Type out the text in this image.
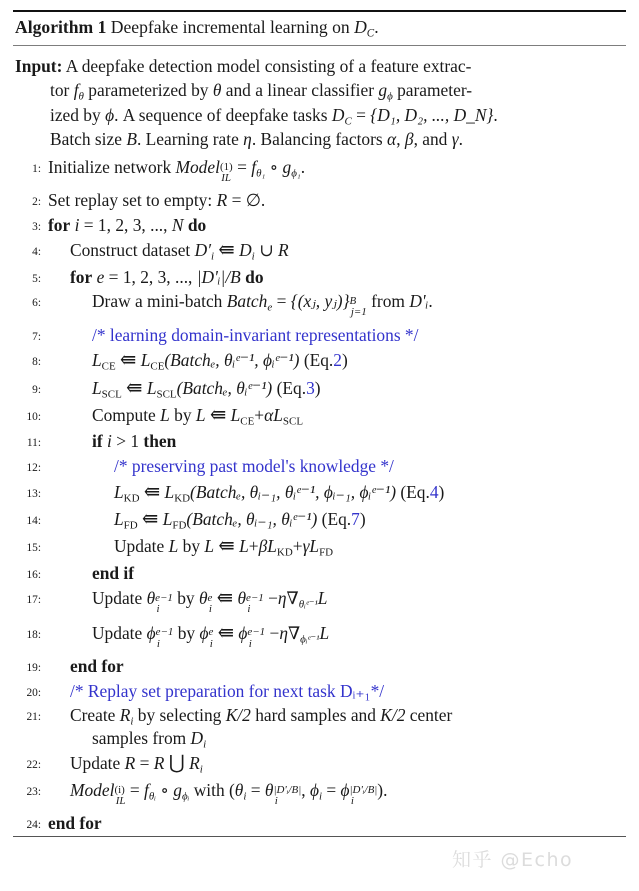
Algorithm 1 Deepfake incremental learning on $D_C$.
Input: A deepfake detection model consisting of a feature extrac-
tor $f_\theta$ parameterized by θ and a linear classifier $g_\phi$ parameter-
ized by ϕ. A sequence of deepfake tasks $D_C = \{D_1$, D₂, ..., D_N}.
Batch size B. Learning rate η. Balancing factors α, β, and γ.
1: Initialize network Model (1)
IL
= $f_{\theta_1}$ ∘ $g_{\phi_1}$.
2: Set replay set to empty: R = ∅.
3: for i = 1, 2, 3, ..., N do
4:	Construct dataset $D'_i$ ⇚ $D_i$ ∪ R
5:	for e = 1, 2, 3, ..., |D'ᵢ|/B do
6:	Draw a mini-batch Batch$_e$ = {(xⱼ, yⱼ)} B
j=1
from D'ᵢ.
7:	/* learning domain-invariant representations */
8:	$L_{CE}$ ⇚ $L_{CE}(Batch_e$, θᵢᵉ⁻¹, ϕᵢᵉ⁻¹) (Eq.2)
9:	$L_{SCL}$ ⇚ $L_{SCL}(Batch_e$, θᵢᵉ⁻¹) (Eq.3)
10:	Compute L by L ⇚ $L_{CE}+\alpha L_{SCL}$
11:	if i > 1 then
12:	/* preserving past model's knowledge */
13:	$L_{KD}$ ⇚ $L_{KD}(Batch_e$, θᵢ₋₁, θᵢᵉ⁻¹, ϕᵢ₋₁, ϕᵢᵉ⁻¹) (Eq.4)
14:	$L_{FD}$ ⇚ $L_{FD}(Batch_e$, θᵢ₋₁, θᵢᵉ⁻¹) (Eq.7)
15:	Update L by L ⇚ $L+\beta L_{KD}+\gamma L_{FD}$
16:	end if
17:	Update θ e−1
i
by θ e
i ⇚ θ e−1
i
$-\eta\nabla_{\theta ᵢᵉ^{-1}}L$
18:	Update ϕ e−1
i
by ϕ e
i ⇚ ϕ e−1
i
$-\eta\nabla_{\phi ᵢᵉ^{-1}}L$
19:	end for
20:	/* Replay set preparation for next task Dᵢ₊₁*/
21:	Create $R_i$ by selecting K/2 hard samples and K/2 center
samples from $D_i$
22:	Update R = R ⋃ $R_i$
23:	Model (i)
IL
= $f_{\theta ᵢ}$ ∘ $g_{\phi ᵢ}$ with ($\theta_i = \theta$ |D'ᵢ/B|
i
, $\phi_i = \phi$ |D'ᵢ/B|
i
).
24: end for
知乎 @Echo
